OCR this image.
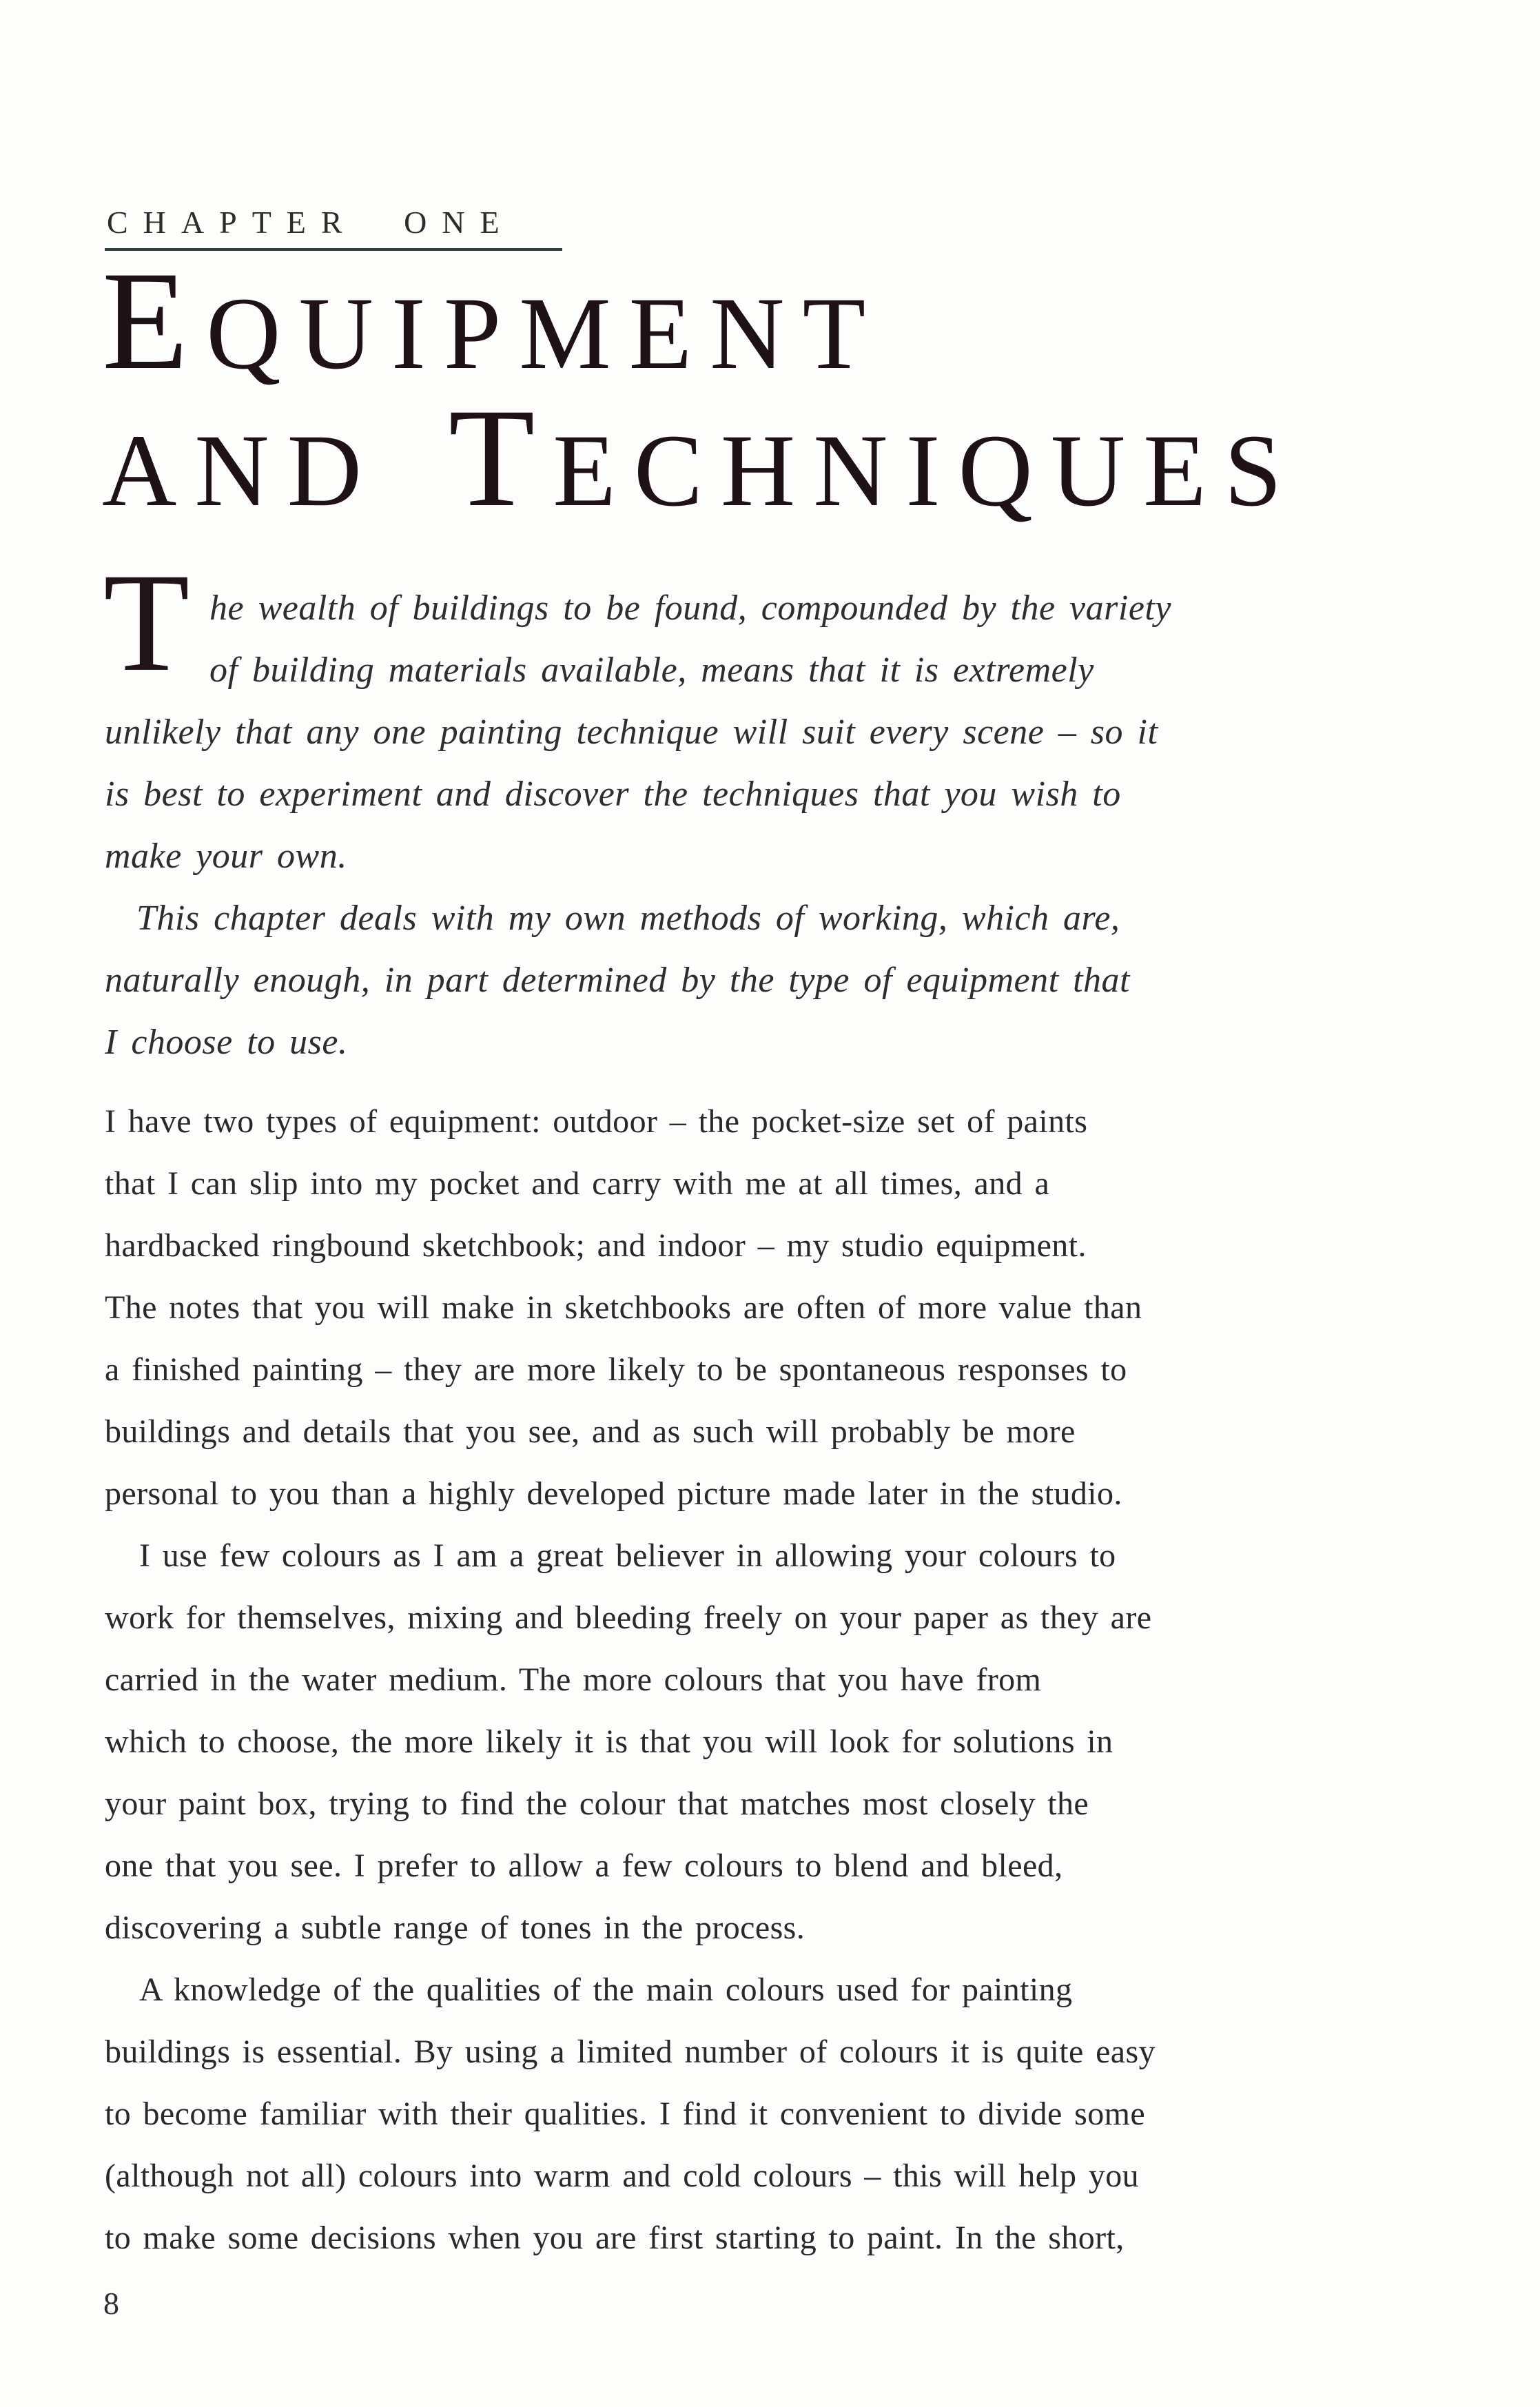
CHAPTER ONE
EQUIPMENT
AND TECHNIQUES
T he wealth of buildings to be found, compounded by the variety
of building materials available, means that it is extremely
unlikely that any one painting technique will suit every scene – so it
is best to experiment and discover the techniques that you wish to
make your own.
This chapter deals with my own methods of working, which are,
naturally enough, in part determined by the type of equipment that
I choose to use.
I have two types of equipment: outdoor – the pocket-size set of paints
that I can slip into my pocket and carry with me at all times, and a
hardbacked ringbound sketchbook; and indoor – my studio equipment.
The notes that you will make in sketchbooks are often of more value than
a finished painting – they are more likely to be spontaneous responses to
buildings and details that you see, and as such will probably be more
personal to you than a highly developed picture made later in the studio.
I use few colours as I am a great believer in allowing your colours to
work for themselves, mixing and bleeding freely on your paper as they are
carried in the water medium. The more colours that you have from
which to choose, the more likely it is that you will look for solutions in
your paint box, trying to find the colour that matches most closely the
one that you see. I prefer to allow a few colours to blend and bleed,
discovering a subtle range of tones in the process.
A knowledge of the qualities of the main colours used for painting
buildings is essential. By using a limited number of colours it is quite easy
to become familiar with their qualities. I find it convenient to divide some
(although not all) colours into warm and cold colours – this will help you
to make some decisions when you are first starting to paint. In the short,
8
